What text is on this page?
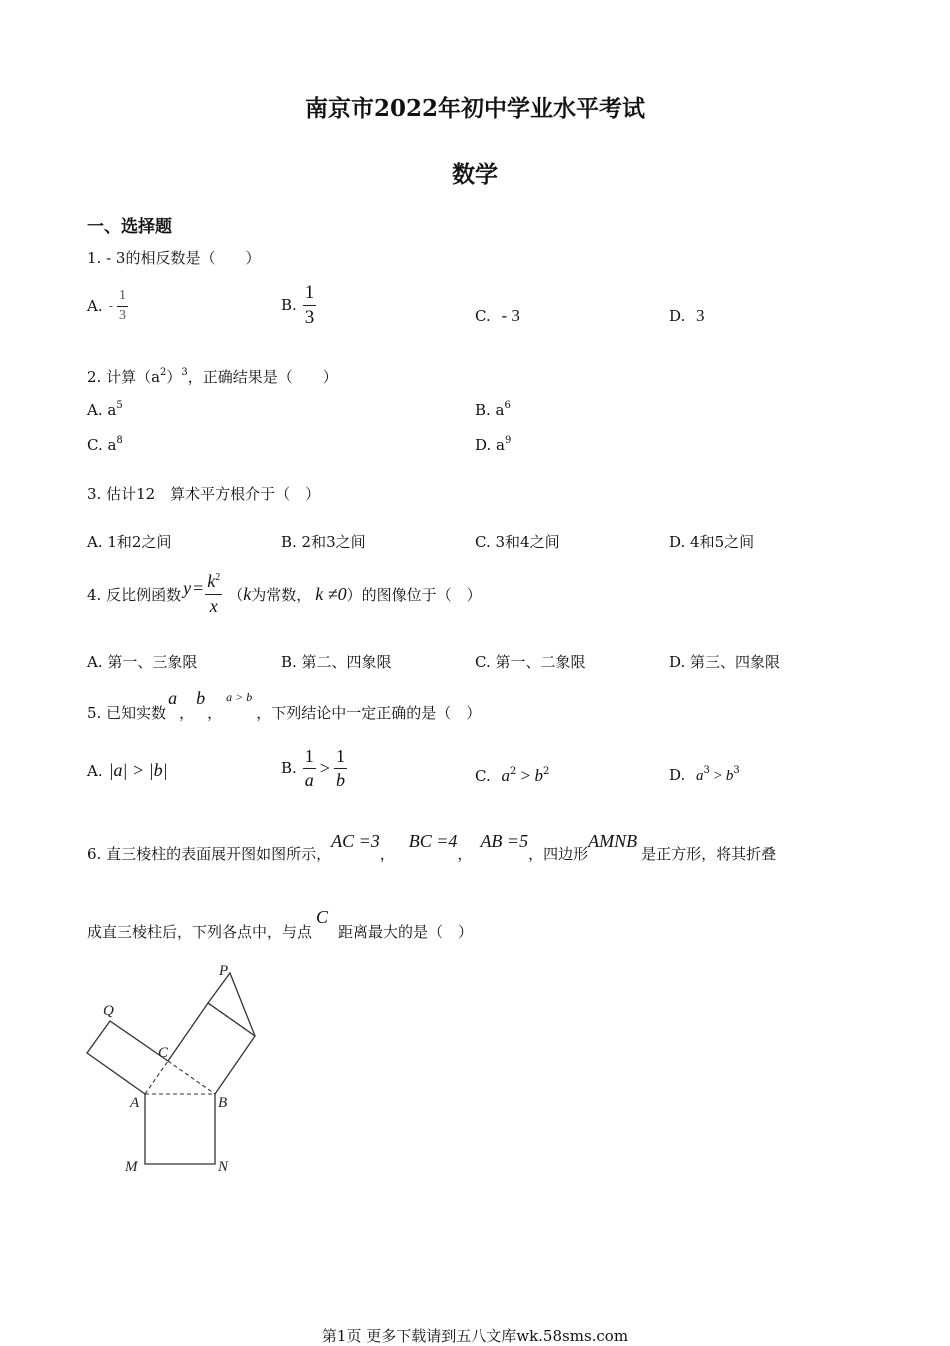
南京市2022年初中学业水平考试
数学
一、选择题
1. - 3的相反数是（　　）
A. - $\frac{1}{3}$	B. $\frac{1}{3}$	C. - 3	D. 3
2. 计算$(a^2)^3$，正确结果是（　　）
A. $a^5$	B. $a^6$
C. $a^8$	D. $a^9$
3. 估计12　算术平方根介于（　）
A. 1和2之间	B. 2和3之间	C. 3和4之间	D. 4和5之间
4. 反比例函数 $y = \frac{k^2}{x}$ （ k 为常数， k ≠0 ）的图像位于（　）
A. 第一、三象限	B. 第二、四象限	C. 第一、二象限	D. 第三、四象限
5. 已知实数
a
，
b
，
a > b
，下列结论中一定正确的是（　）
A. |a| > |b|	B. $\frac{1}{a} > \frac{1}{b}$	C. $a^2 > b^2$	D. $a^3 > b^3$
6. 直三棱柱的表面展开图如图所示，
AC =3
，
BC =4
，
AB =5
，四边形
AMNB
是正方形，将其折叠
成直三棱柱后，下列各点中，与点
C
距离最大的是（　）
P
Q
C
A	B
M	N
第1页 更多下载请到五八文库wk.58sms.com
